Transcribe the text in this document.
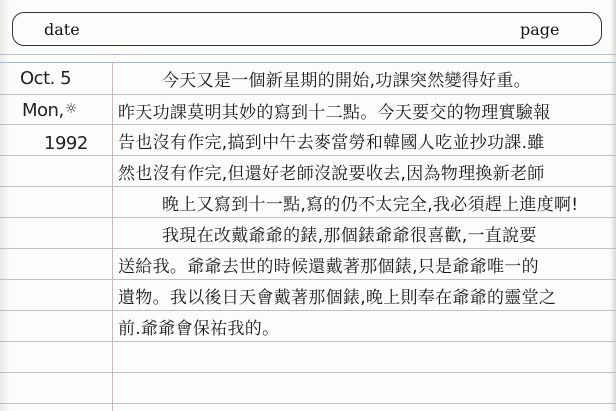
date	page
Oct. 5
Mon,☼
1992
今天又是一個新星期的開始,功課突然變得好重。
昨天功課莫明其妙的寫到十二點。今天要交的物理實驗報
告也沒有作完,搞到中午去麥當勞和韓國人吃並抄功課.雖
然也沒有作完,但還好老師沒說要收去,因為物理換新老師
晚上又寫到十一點,寫的仍不太完全,我必須趕上進度啊!
我現在改戴爺爺的錶,那個錶爺爺很喜歡,一直說要
送給我。爺爺去世的時候還戴著那個錶,只是爺爺唯一的
遺物。我以後日天會戴著那個錶,晚上則奉在爺爺的靈堂之
前.爺爺會保祐我的。
